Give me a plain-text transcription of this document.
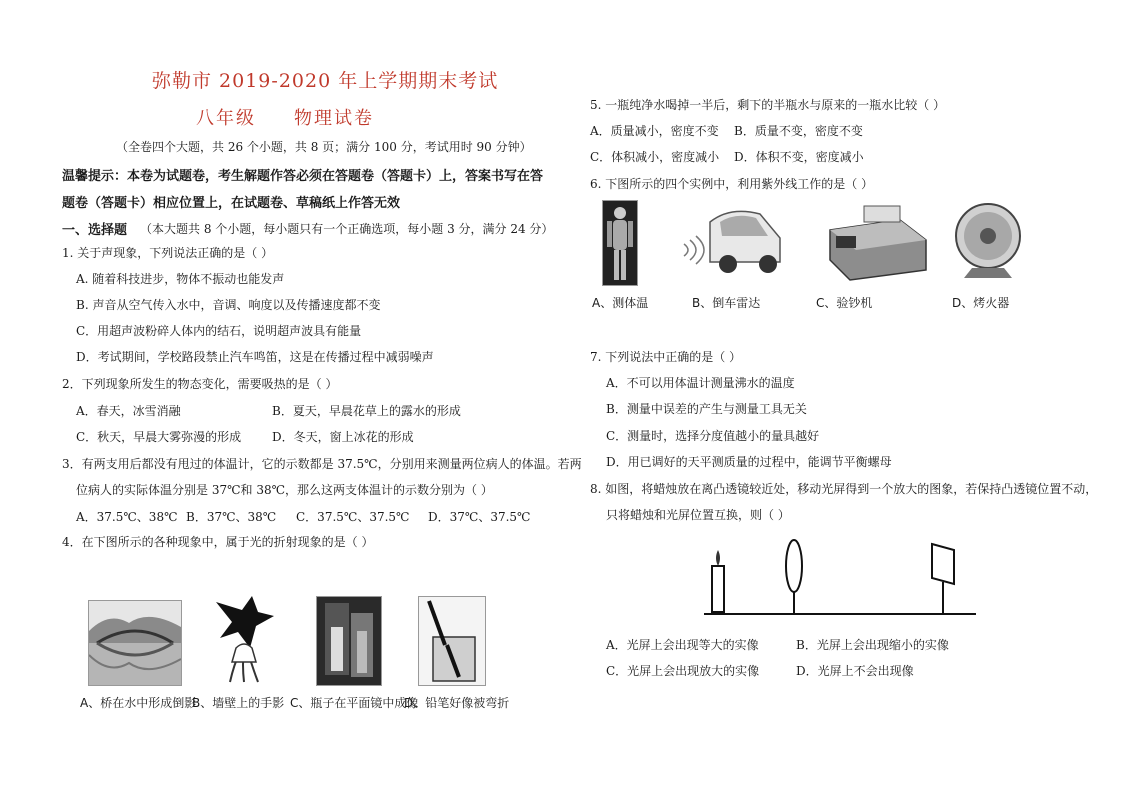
弥勒市 2019-2020 年上学期期末考试
八年级 物理试卷
（全卷四个大题，共 26 个小题，共 8 页；满分 100 分，考试用时 90 分钟）
温馨提示：本卷为试题卷，考生解题作答必须在答题卷（答题卡）上，答案书写在答
题卷（答题卡）相应位置上，在试题卷、草稿纸上作答无效
一、选择题 （本大题共 8 个小题，每小题只有一个正确选项，每小题 3 分，满分 24 分）
1. 关于声现象，下列说法正确的是（ ）
A. 随着科技进步，物体不振动也能发声
B. 声音从空气传入水中，音调、响度以及传播速度都不变
C．用超声波粉碎人体内的结石，说明超声波具有能量
D．考试期间，学校路段禁止汽车鸣笛，这是在传播过程中减弱噪声
2．下列现象所发生的物态变化，需要吸热的是（ ）
A．春天，冰雪消融	B．夏天，早晨花草上的露水的形成
C．秋天，早晨大雾弥漫的形成	D．冬天，窗上冰花的形成
3．有两支用后都没有甩过的体温计，它的示数都是 37.5℃，分别用来测量两位病人的体温。若两
位病人的实际体温分别是 37℃和 38℃，那么这两支体温计的示数分别为（ ）
A．37.5℃、38℃ B．37℃、38℃ C．37.5℃、37.5℃ D．37℃、37.5℃
4．在下图所示的各种现象中，属于光的折射现象的是（ ）
A、桥在水中形成倒影
B、墙壁上的手影 C、瓶子在平面镜中成像
D、铅笔好像被弯折
5. 一瓶纯净水喝掉一半后，剩下的半瓶水与原来的一瓶水比较（ ）
A．质量减小，密度不变 B．质量不变，密度不变
C．体积减小，密度减小 D．体积不变，密度减小
6. 下图所示的四个实例中，利用紫外线工作的是（ ）
A、测体温	B、倒车雷达	C、验钞机	D、烤火器
7. 下列说法中正确的是（ ）
A．不可以用体温计测量沸水的温度
B．测量中误差的产生与测量工具无关
C．测量时，选择分度值越小的量具越好
D．用已调好的天平测质量的过程中，能调节平衡螺母
8. 如图，将蜡烛放在离凸透镜较近处，移动光屏得到一个放大的图象，若保持凸透镜位置不动，
只将蜡烛和光屏位置互换，则（ ）
A．光屏上会出现等大的实像	B．光屏上会出现缩小的实像
C．光屏上会出现放大的实像	D．光屏上不会出现像
